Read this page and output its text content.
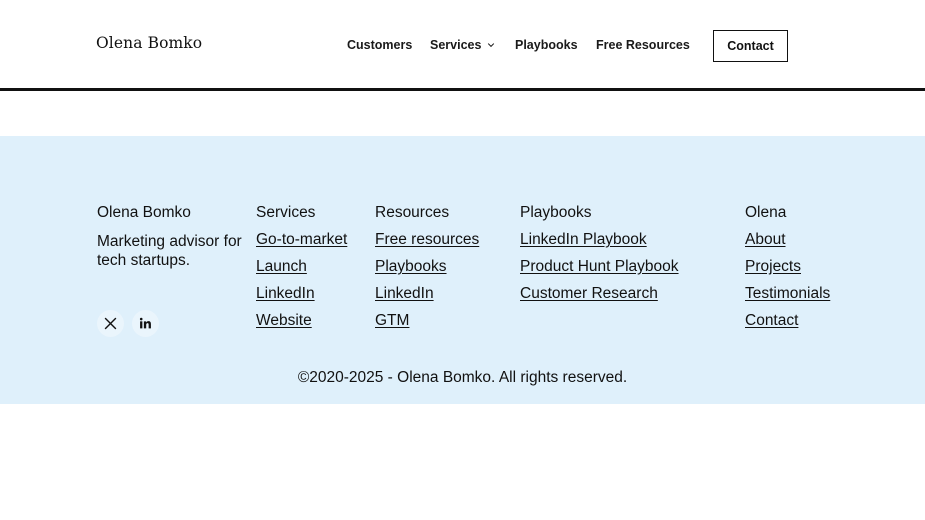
Olena Bomko	Customers Services	Playbooks Free Resources	Contact
Olena Bomko
Marketing advisor for tech startups.
Services
Go-to-market
Launch
LinkedIn
Website
Resources
Free resources
Playbooks
LinkedIn
GTM
Playbooks
LinkedIn Playbook
Product Hunt Playbook
Customer Research
Olena
About
Projects
Testimonials
Contact
©2020-2025 - Olena Bomko. All rights reserved.
